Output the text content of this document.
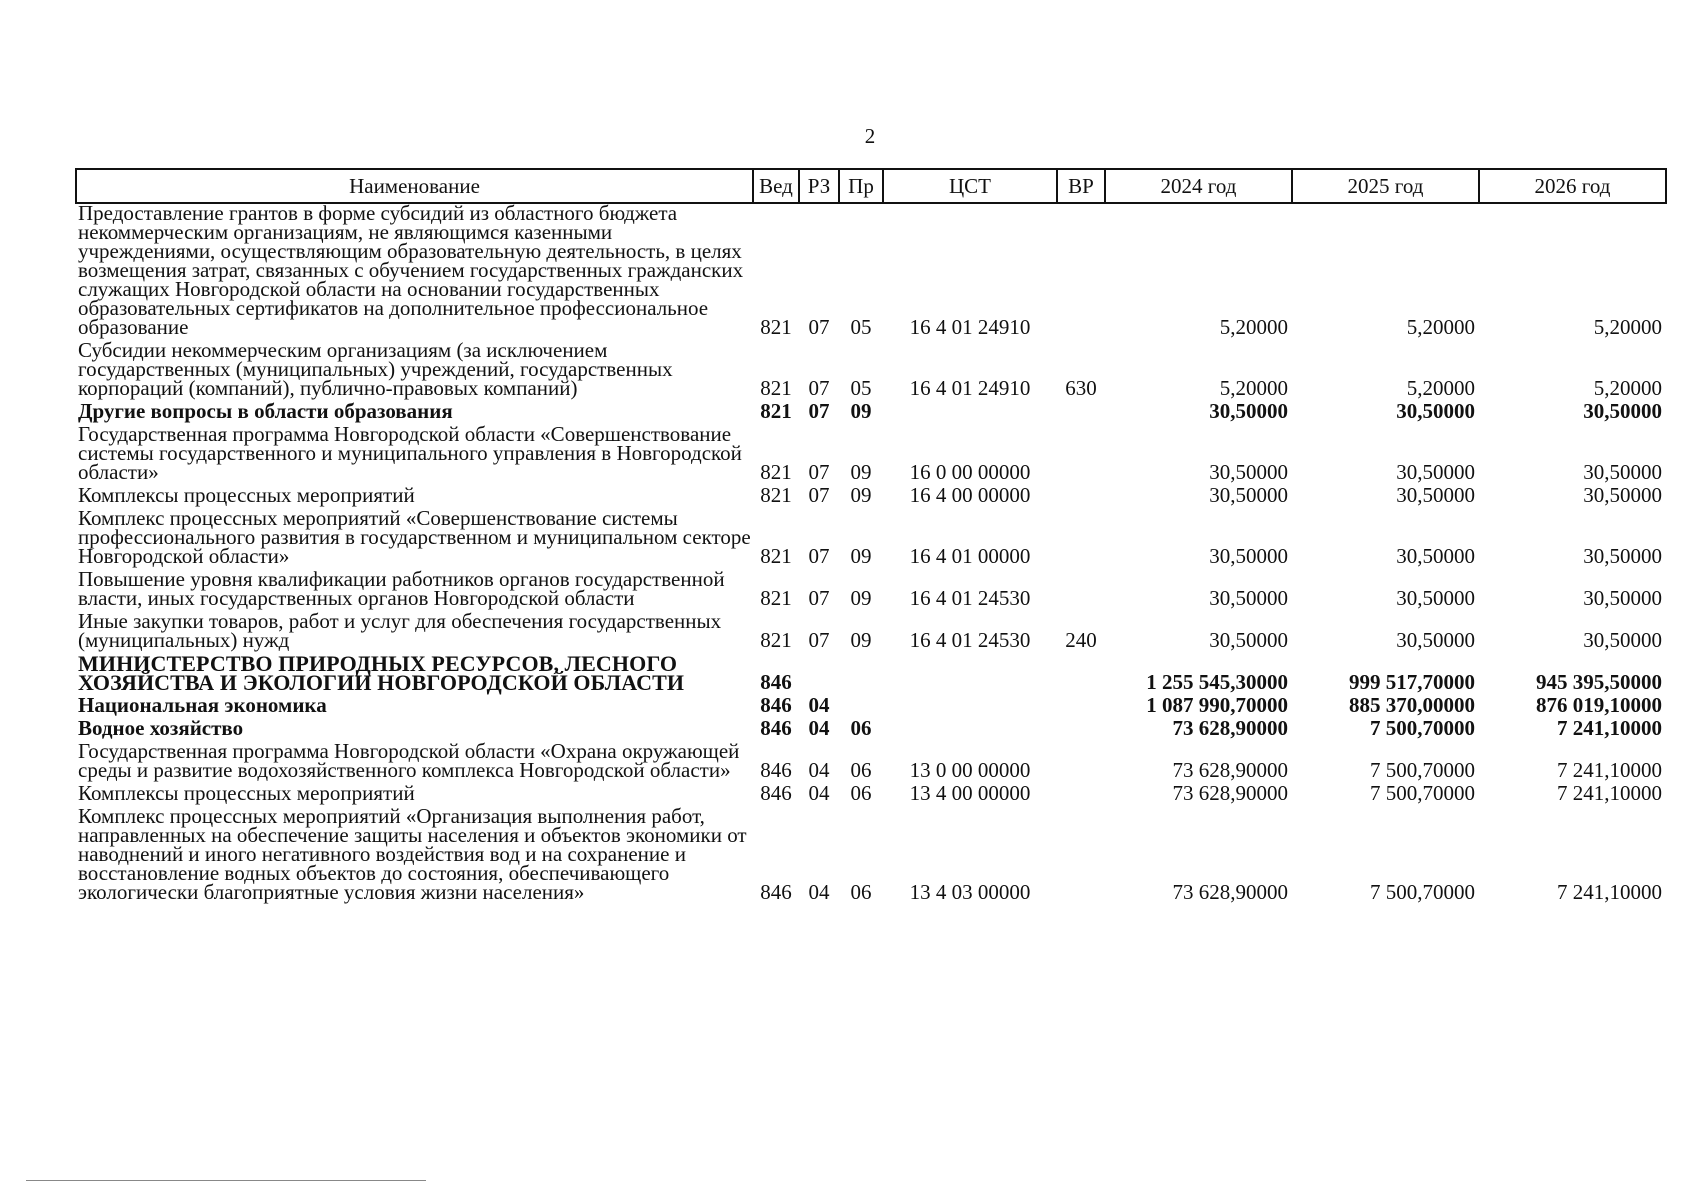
2
Наименование	Вед	РЗ	Пр	ЦСТ	ВР	2024 год	2025 год	2026 год
Предоставление грантов в форме субсидий из областного бюджета некоммерческим организациям, не являющимся казенными учреждениями, осуществляющим образовательную деятельность, в целях возмещения затрат, связанных с обучением государственных гражданских служащих Новгородской области на основании государственных образовательных сертификатов на дополнительное профессиональное образование	821	07	05	16 4 01 24910		5,20000	5,20000	5,20000

Субсидии некоммерческим организациям (за исключением государственных (муниципальных) учреждений, государственных корпораций (компаний), публично-правовых компаний)	821	07	05	16 4 01 24910	630	5,20000	5,20000	5,20000

Другие вопросы в области образования	821	07	09			30,50000	30,50000	30,50000

Государственная программа Новгородской области «Совершенствование системы государственного и муниципального управления в Новгородской области»	821	07	09	16 0 00 00000		30,50000	30,50000	30,50000

Комплексы процессных мероприятий	821	07	09	16 4 00 00000		30,50000	30,50000	30,50000

Комплекс процессных мероприятий «Совершенствование системы профессионального развития в государственном и муниципальном секторе Новгородской области»	821	07	09	16 4 01 00000		30,50000	30,50000	30,50000

Повышение уровня квалификации работников органов государственной власти, иных государственных органов Новгородской области	821	07	09	16 4 01 24530		30,50000	30,50000	30,50000

Иные закупки товаров, работ и услуг для обеспечения государственных (муниципальных) нужд	821	07	09	16 4 01 24530	240	30,50000	30,50000	30,50000

МИНИСТЕРСТВО ПРИРОДНЫХ РЕСУРСОВ, ЛЕСНОГО ХОЗЯЙСТВА И ЭКОЛОГИИ НОВГОРОДСКОЙ ОБЛАСТИ	846					1 255 545,30000	999 517,70000	945 395,50000

Национальная экономика	846	04				1 087 990,70000	885 370,00000	876 019,10000

Водное хозяйство	846	04	06			73 628,90000	7 500,70000	7 241,10000

Государственная программа Новгородской области «Охрана окружающей среды и развитие водохозяйственного комплекса Новгородской области»	846	04	06	13 0 00 00000		73 628,90000	7 500,70000	7 241,10000

Комплексы процессных мероприятий	846	04	06	13 4 00 00000		73 628,90000	7 500,70000	7 241,10000

Комплекс процессных мероприятий «Организация выполнения работ, направленных на обеспечение защиты населения и объектов экономики от наводнений и иного негативного воздействия вод и на сохранение и восстановление водных объектов до состояния, обеспечивающего экологически благоприятные условия жизни населения»	846	04	06	13 4 03 00000		73 628,90000	7 500,70000	7 241,10000
